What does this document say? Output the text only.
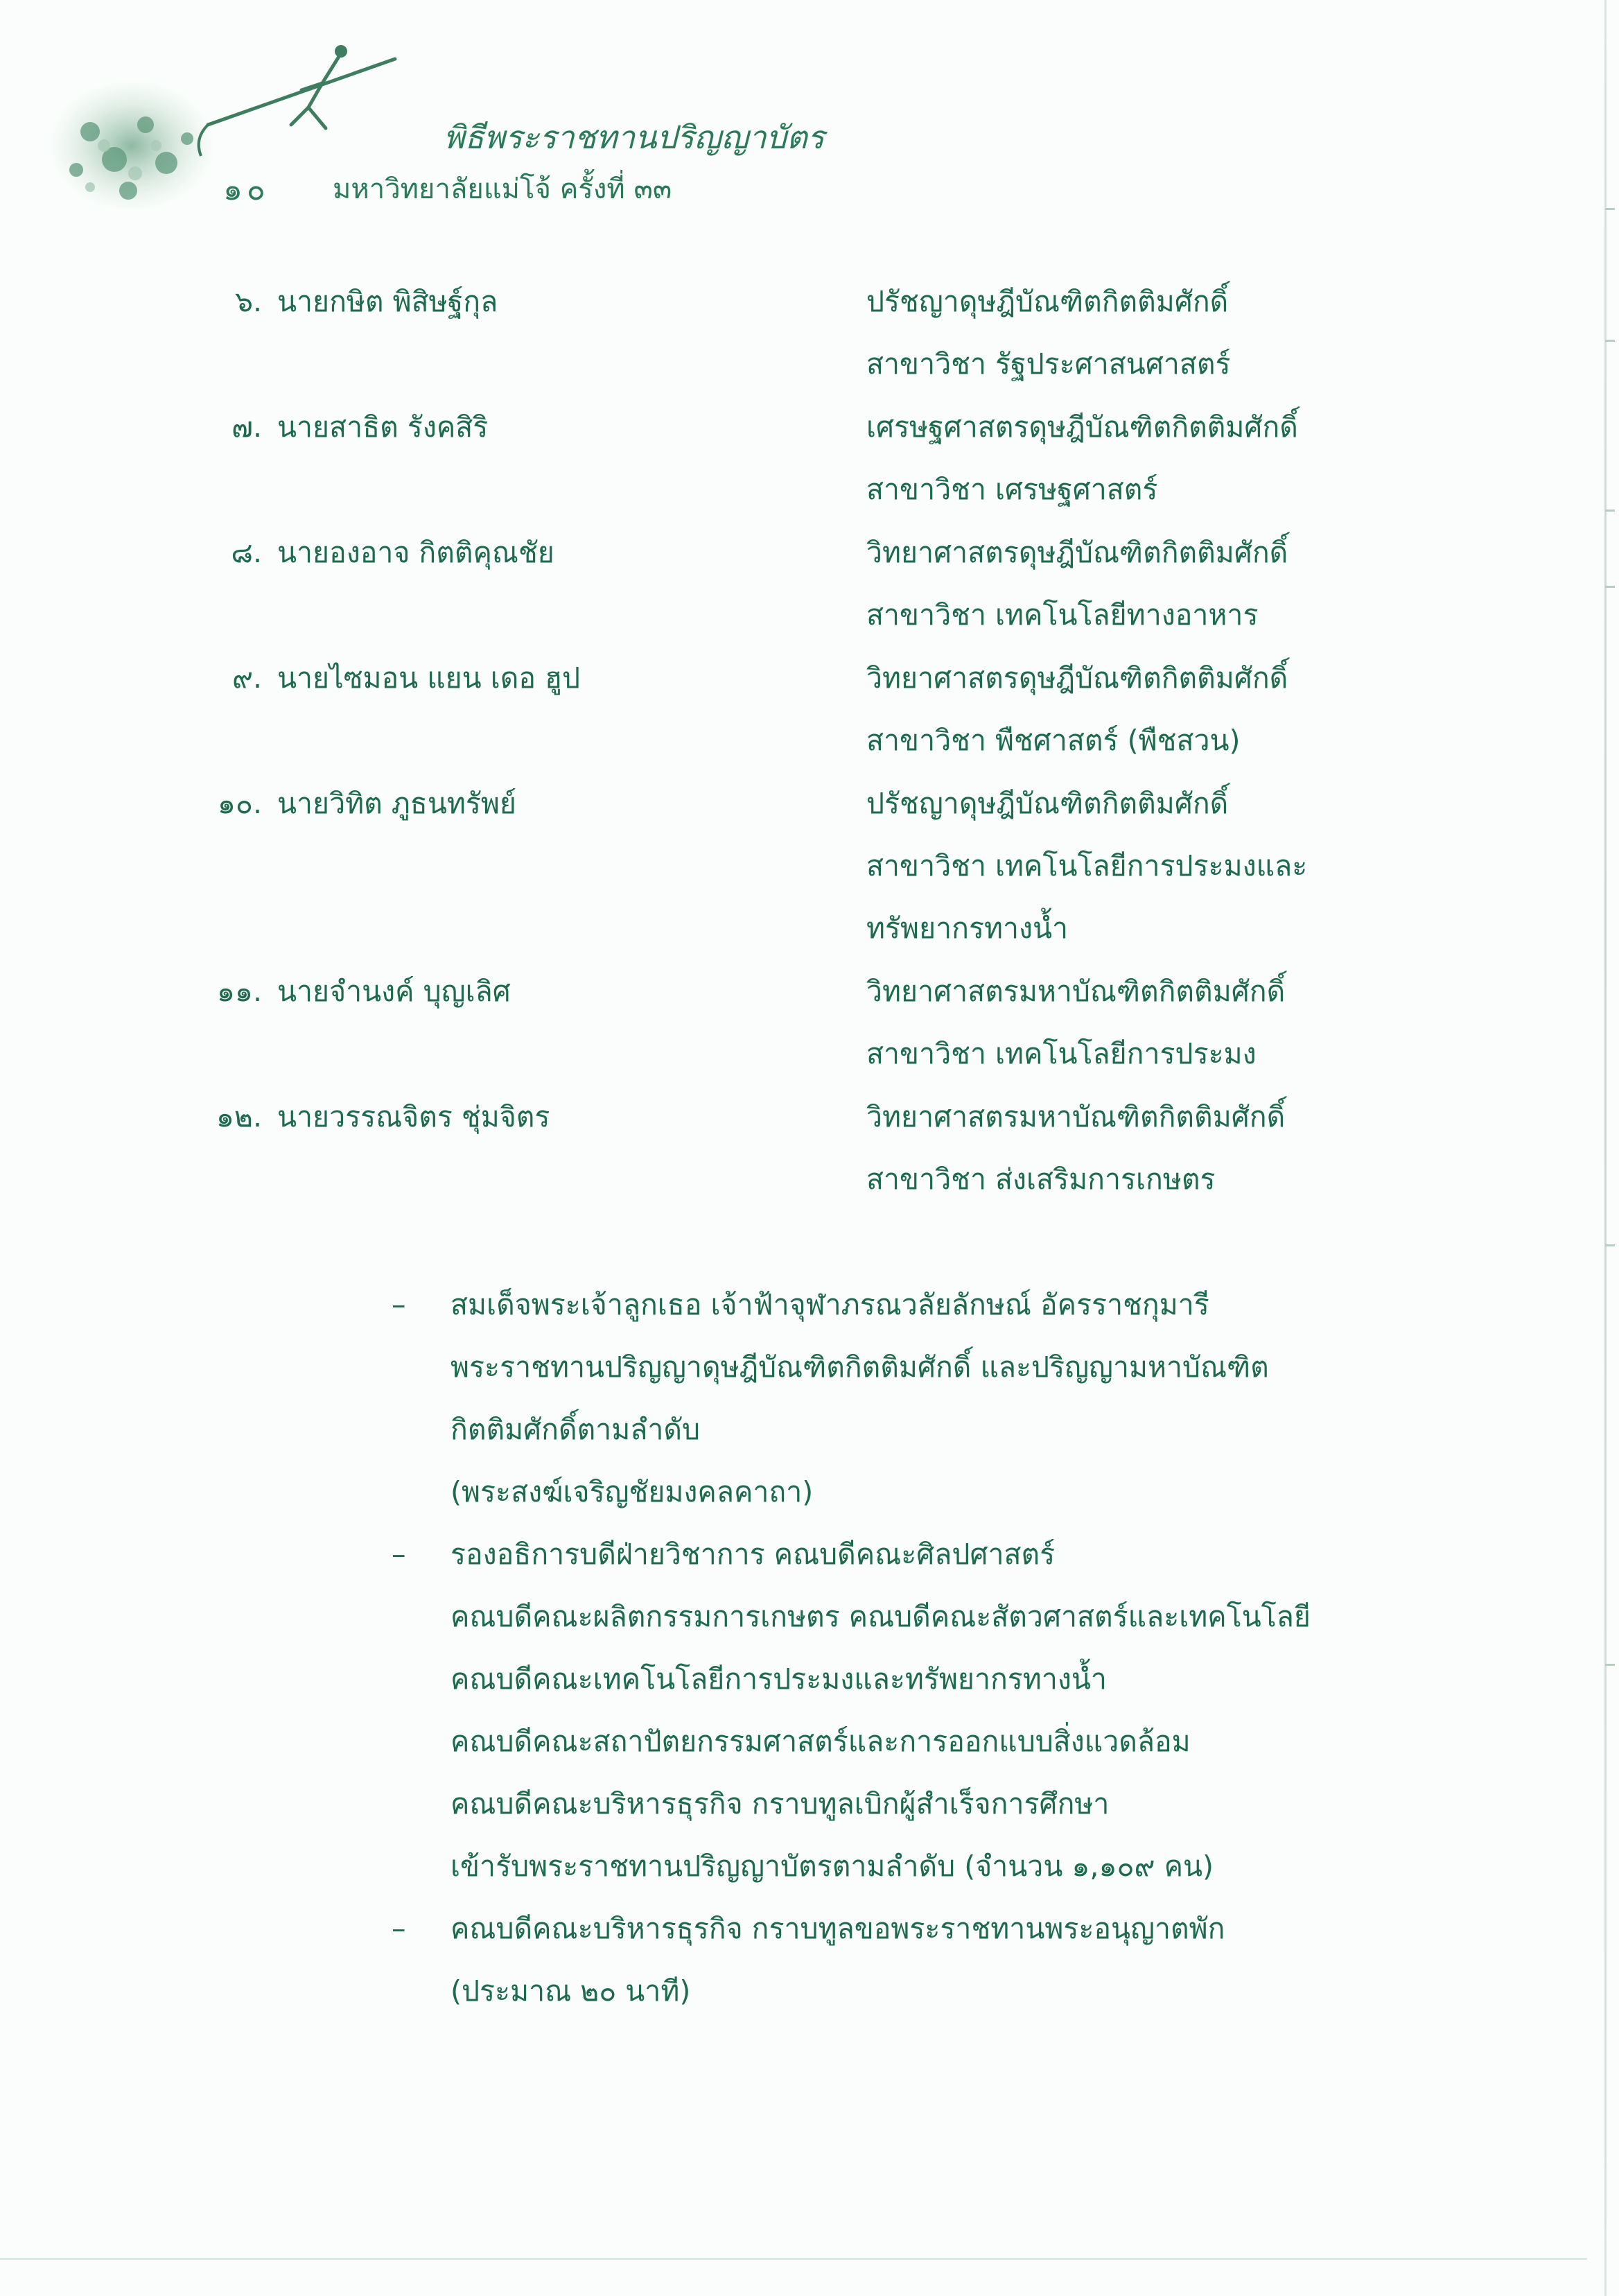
พิธีพระราชทานปริญญาบัตร
๑๐ มหาวิทยาลัยแม่โจ้ ครั้งที่ ๓๓
๖. นายกษิต พิสิษฐ์กุล	ปรัชญาดุษฎีบัณฑิตกิตติมศักดิ์
สาขาวิชา รัฐประศาสนศาสตร์
๗. นายสาธิต รังคสิริ	เศรษฐศาสตรดุษฎีบัณฑิตกิตติมศักดิ์
สาขาวิชา เศรษฐศาสตร์
๘. นายองอาจ กิตติคุณชัย	วิทยาศาสตรดุษฎีบัณฑิตกิตติมศักดิ์
สาขาวิชา เทคโนโลยีทางอาหาร
๙. นายไซมอน แยน เดอ ฮูป	วิทยาศาสตรดุษฎีบัณฑิตกิตติมศักดิ์
สาขาวิชา พืชศาสตร์ (พืชสวน)
๑๐. นายวิทิต ภูธนทรัพย์	ปรัชญาดุษฎีบัณฑิตกิตติมศักดิ์
สาขาวิชา เทคโนโลยีการประมงและ
ทรัพยากรทางน้ำ
๑๑. นายจำนงค์ บุญเลิศ	วิทยาศาสตรมหาบัณฑิตกิตติมศักดิ์
สาขาวิชา เทคโนโลยีการประมง
๑๒. นายวรรณจิตร ชุ่มจิตร	วิทยาศาสตรมหาบัณฑิตกิตติมศักดิ์
สาขาวิชา ส่งเสริมการเกษตร
– สมเด็จพระเจ้าลูกเธอ เจ้าฟ้าจุฬาภรณวลัยลักษณ์ อัครราชกุมารี
พระราชทานปริญญาดุษฎีบัณฑิตกิตติมศักดิ์ และปริญญามหาบัณฑิต
กิตติมศักดิ์ตามลำดับ
(พระสงฆ์เจริญชัยมงคลคาถา)
– รองอธิการบดีฝ่ายวิชาการ คณบดีคณะศิลปศาสตร์
คณบดีคณะผลิตกรรมการเกษตร คณบดีคณะสัตวศาสตร์และเทคโนโลยี
คณบดีคณะเทคโนโลยีการประมงและทรัพยากรทางน้ำ
คณบดีคณะสถาปัตยกรรมศาสตร์และการออกแบบสิ่งแวดล้อม
คณบดีคณะบริหารธุรกิจ กราบทูลเบิกผู้สำเร็จการศึกษา
เข้ารับพระราชทานปริญญาบัตรตามลำดับ (จำนวน ๑,๑๐๙ คน)
– คณบดีคณะบริหารธุรกิจ กราบทูลขอพระราชทานพระอนุญาตพัก
(ประมาณ ๒๐ นาที)
